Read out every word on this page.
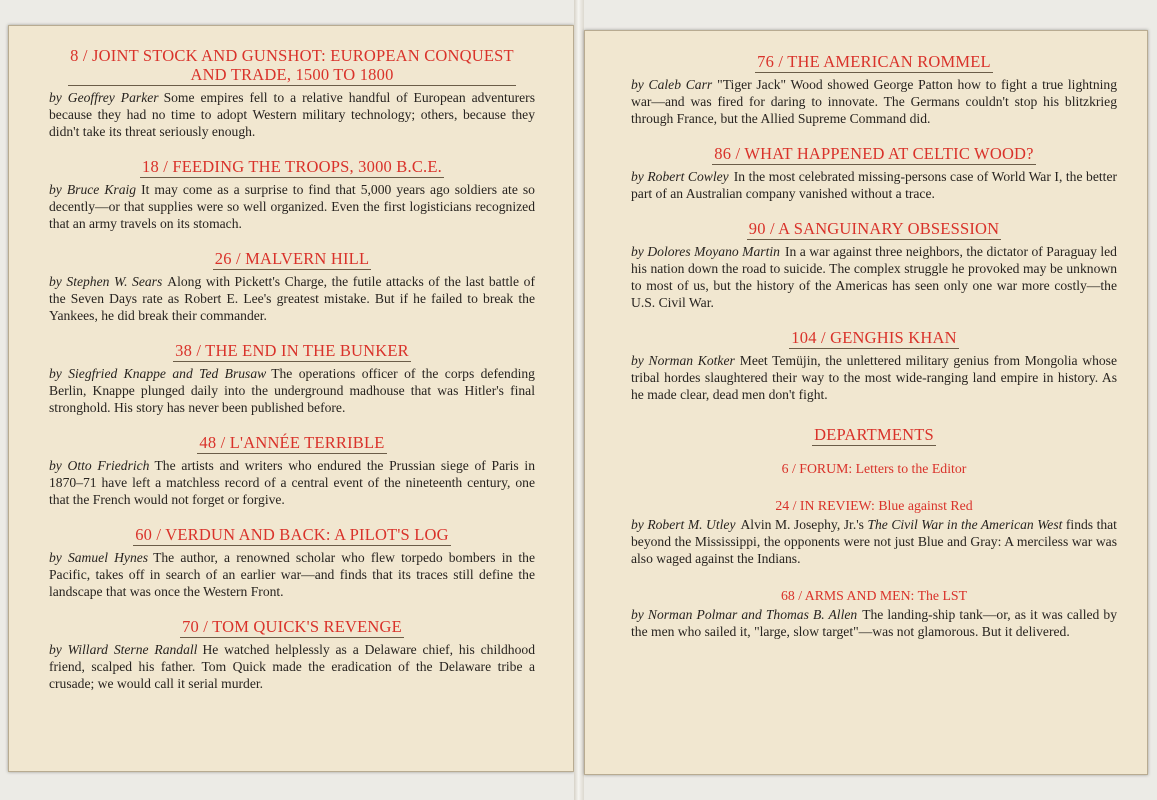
8 / JOINT STOCK AND GUNSHOT: EUROPEAN CONQUEST
AND TRADE, 1500 TO 1800

by Geoffrey Parker Some empires fell to a relative handful of European adventurers because they had no time to adopt Western military technology; others, because they didn't take its threat seriously enough.

18 / FEEDING THE TROOPS, 3000 B.C.E.

by Bruce Kraig It may come as a surprise to find that 5,000 years ago soldiers ate so decently—or that supplies were so well organized. Even the first logisticians recognized that an army travels on its stomach.

26 / MALVERN HILL

by Stephen W. Sears Along with Pickett's Charge, the futile attacks of the last battle of the Seven Days rate as Robert E. Lee's greatest mistake. But if he failed to break the Yankees, he did break their commander.

38 / THE END IN THE BUNKER

by Siegfried Knappe and Ted Brusaw The operations officer of the corps defending Berlin, Knappe plunged daily into the underground madhouse that was Hitler's final stronghold. His story has never been published before.

48 / L'ANNÉE TERRIBLE

by Otto Friedrich The artists and writers who endured the Prussian siege of Paris in 1870–71 have left a matchless record of a central event of the nineteenth century, one that the French would not forget or forgive.

60 / VERDUN AND BACK: A PILOT'S LOG

by Samuel Hynes The author, a renowned scholar who flew torpedo bombers in the Pacific, takes off in search of an earlier war—and finds that its traces still define the landscape that was once the Western Front.

70 / TOM QUICK'S REVENGE

by Willard Sterne Randall He watched helplessly as a Delaware chief, his childhood friend, scalped his father. Tom Quick made the eradication of the Delaware tribe a crusade; we would call it serial murder.

76 / THE AMERICAN ROMMEL

by Caleb Carr "Tiger Jack" Wood showed George Patton how to fight a true lightning war—and was fired for daring to innovate. The Germans couldn't stop his blitzkrieg through France, but the Allied Supreme Command did.

86 / WHAT HAPPENED AT CELTIC WOOD?

by Robert Cowley In the most celebrated missing-persons case of World War I, the better part of an Australian company vanished without a trace.

90 / A SANGUINARY OBSESSION

by Dolores Moyano Martin In a war against three neighbors, the dictator of Paraguay led his nation down the road to suicide. The complex struggle he provoked may be unknown to most of us, but the history of the Americas has seen only one war more costly—the U.S. Civil War.

104 / GENGHIS KHAN

by Norman Kotker Meet Temüjin, the unlettered military genius from Mongolia whose tribal hordes slaughtered their way to the most wide-ranging land empire in history. As he made clear, dead men don't fight.

DEPARTMENTS
6 / FORUM: Letters to the Editor
24 / IN REVIEW: Blue against Red

by Robert M. Utley Alvin M. Josephy, Jr.'s The Civil War in the American West finds that beyond the Mississippi, the opponents were not just Blue and Gray: A merciless war was also waged against the Indians.

68 / ARMS AND MEN: The LST

by Norman Polmar and Thomas B. Allen The landing-ship tank—or, as it was called by the men who sailed it, "large, slow target"—was not glamorous. But it delivered.
